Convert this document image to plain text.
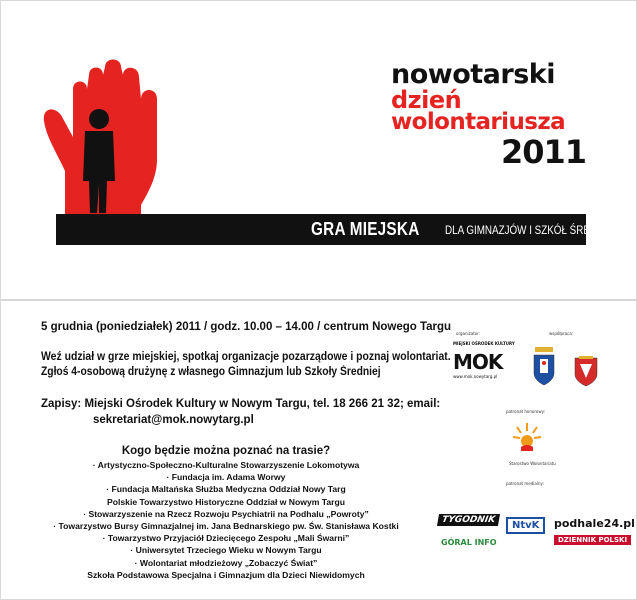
nowotarski
dzień
wolontariusza
2011
GRA MIEJSKA DLA GIMNAZJÓW I SZKÓŁ ŚREDNICH
5 grudnia (poniedziałek) 2011 / godz. 10.00 – 14.00 / centrum Nowego Targu
Weź udział w grze miejskiej, spotkaj organizacje pozarządowe i poznaj wolontariat.
Zgłoś 4-osobową drużynę z własnego Gimnazjum lub Szkoły Średniej
Zapisy: Miejski Ośrodek Kultury w Nowym Targu, tel. 18 266 21 32; email:
sekretariat@mok.nowytarg.pl
Kogo będzie można poznać na trasie?
· Artystyczno-Społeczno-Kulturalne Stowarzyszenie Lokomotywa
· Fundacja im. Adama Worwy
· Fundacja Maltańska Służba Medyczna Oddział Nowy Targ
Polskie Towarzystwo Historyczne Oddział w Nowym Targu
· Stowarzyszenie na Rzecz Rozwoju Psychiatrii na Podhalu „Powroty”
· Towarzystwo Bursy Gimnazjalnej im. Jana Bednarskiego pw. Św. Stanisława Kostki
· Towarzystwo Przyjaciół Dziecięcego Zespołu „Mali Śwarni”
· Uniwersytet Trzeciego Wieku w Nowym Targu
· Wolontariat młodzieżowy „Zobaczyć Świat”
Szkoła Podstawowa Specjalna i Gimnazjum dla Dzieci Niewidomych
organizator:	współpraca:
MIEJSKI OŚRODEK KULTURY
MOK
www.mok.nowytarg.pl
patronat honorowy:
Starostwo Wolontariatu
patronat medialny:
TYGODNIK	NtvK	podhale24.pl
DZIENNIK POLSKI
GÓRAL INFO
